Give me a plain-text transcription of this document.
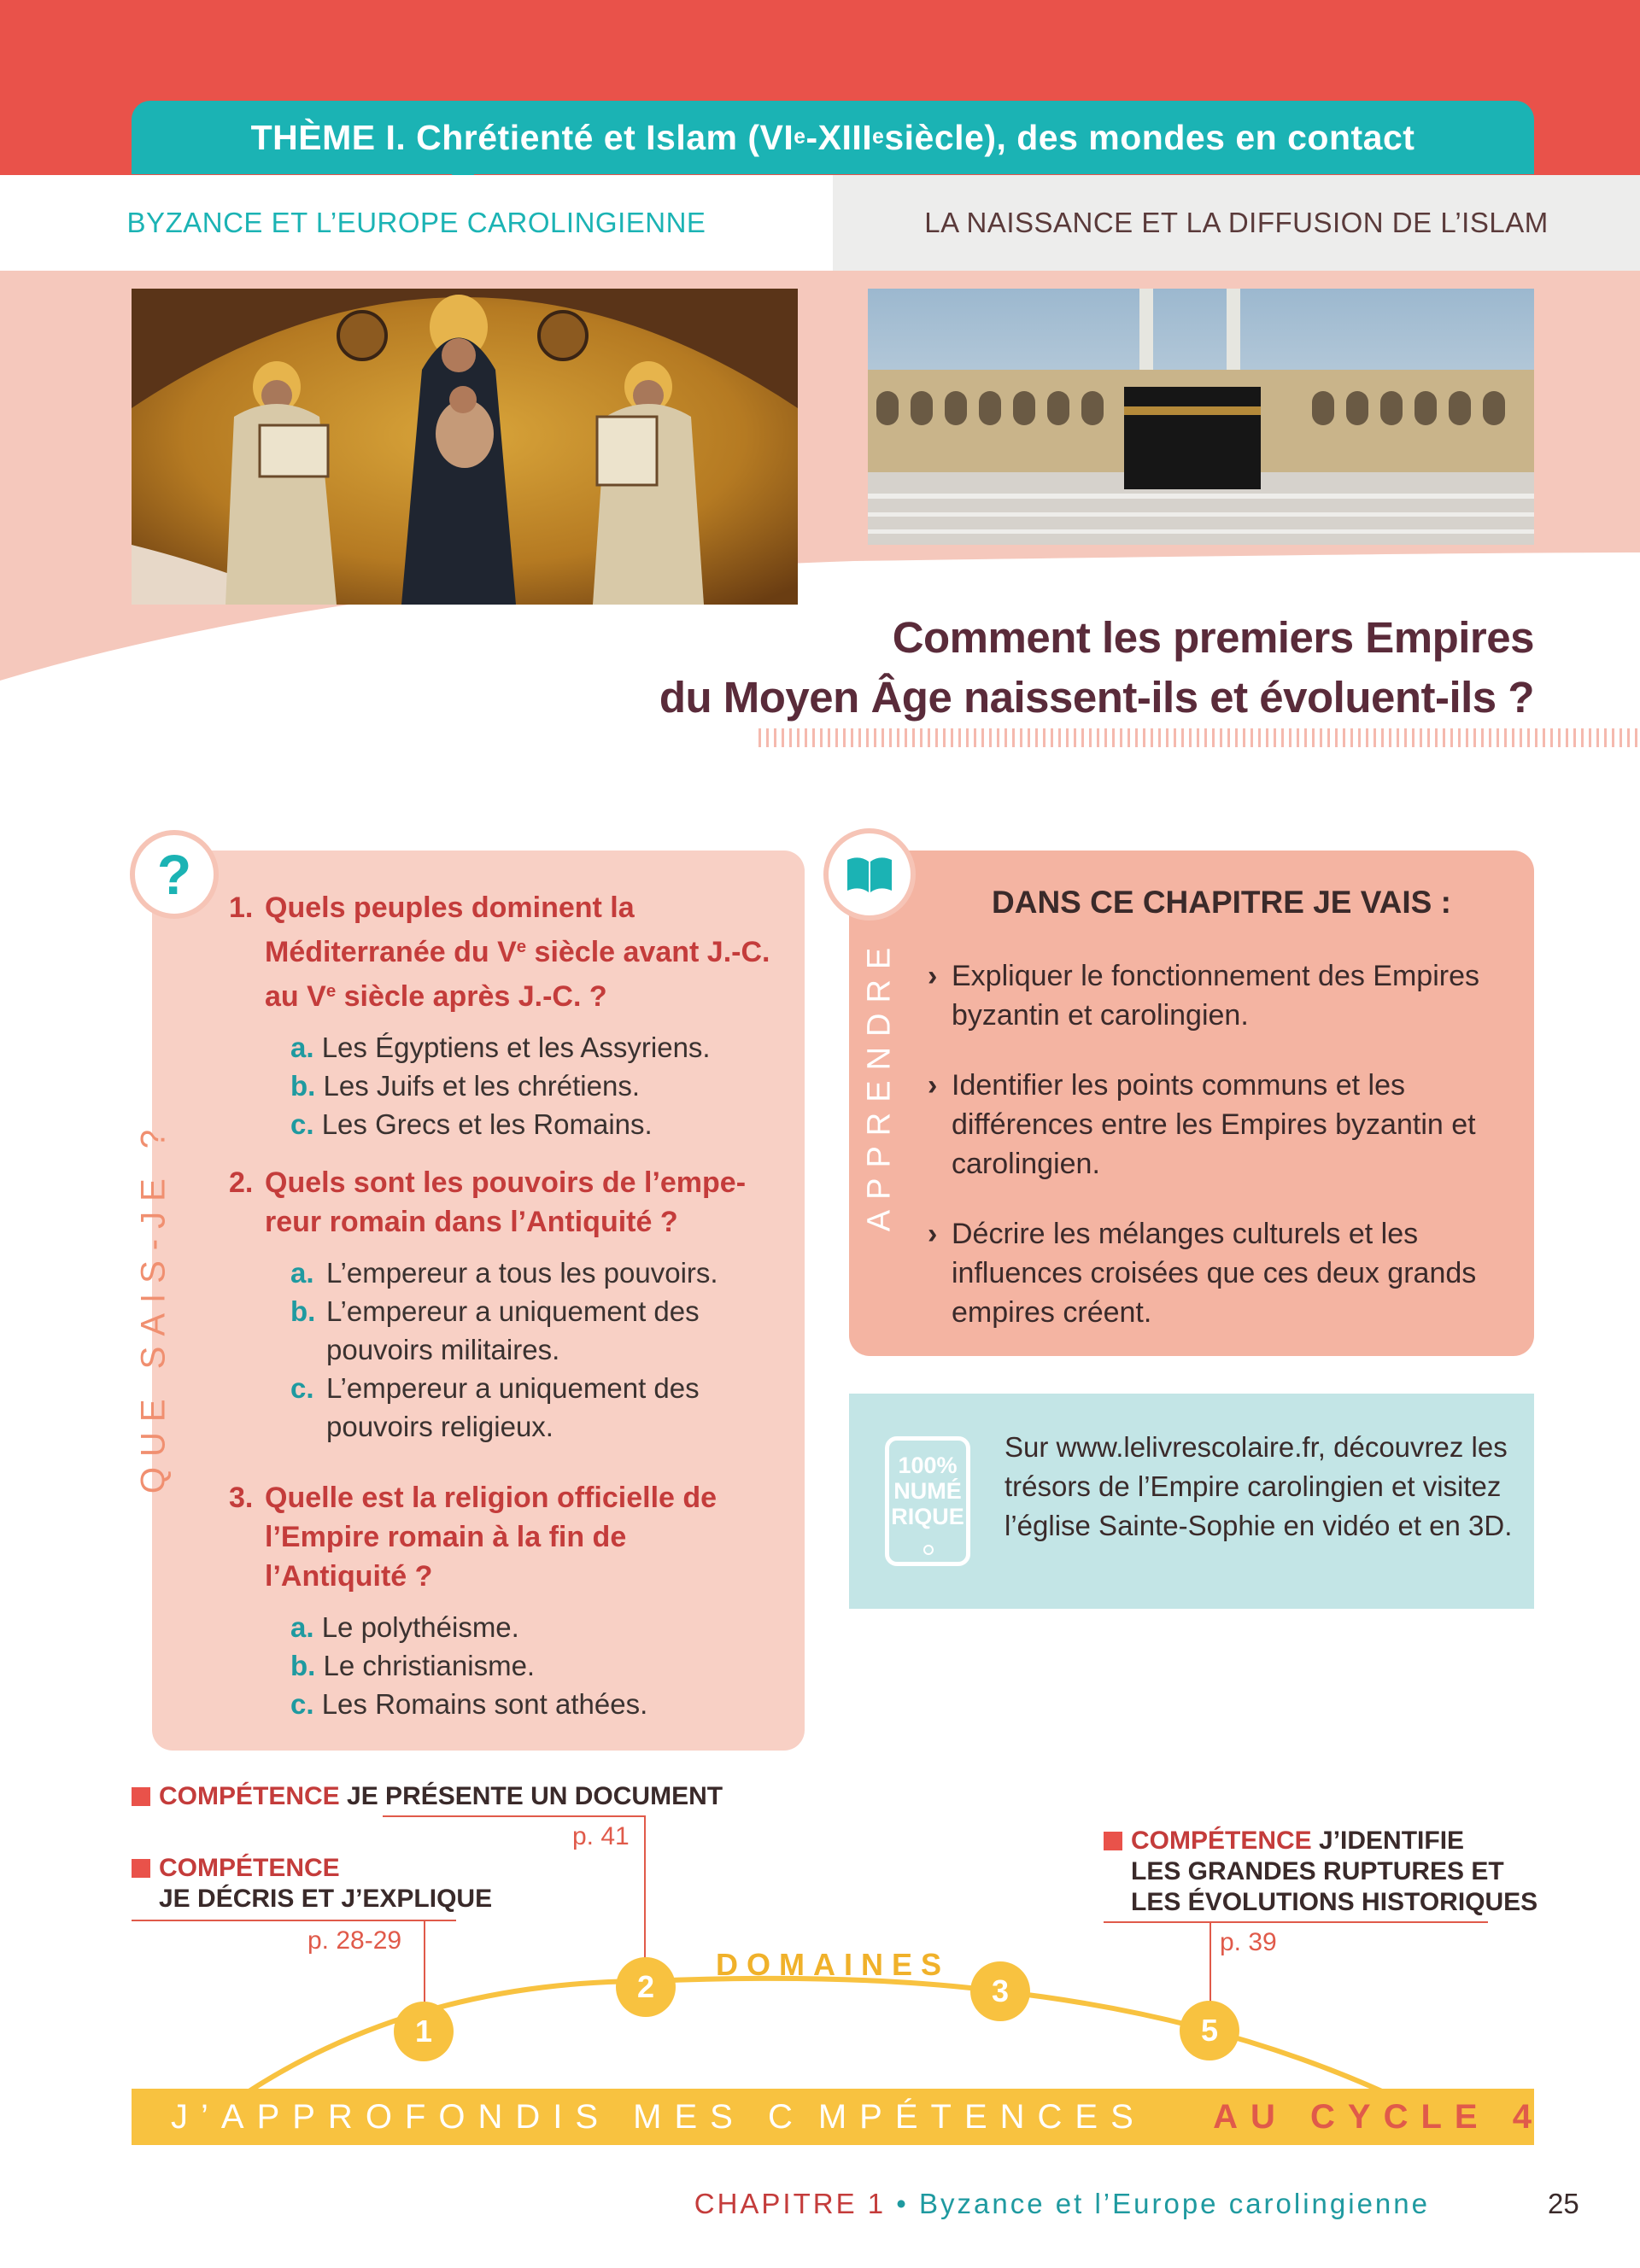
THÈME I. Chrétienté et Islam (VI e -XIII e siècle), des mondes en contact
BYZANCE ET L’EUROPE CAROLINGIENNE	LA NAISSANCE ET LA DIFFUSION DE L’ISLAM
Comment les premiers Empires
du Moyen Âge naissent-ils et évoluent-ils ?
?
QUE SAIS-JE ?
1. Quels peuples dominent la Méditerranée du Ve siècle avant J.-C. au Ve siècle après J.-C. ?
a. Les Égyptiens et les Assyriens.
b. Les Juifs et les chrétiens.
c. Les Grecs et les Romains.
2. Quels sont les pouvoirs de l’empe-reur romain dans l’Antiquité ?
a. L’empereur a tous les pouvoirs.
b. L’empereur a uniquement des pouvoirs militaires.
c. L’empereur a uniquement des pouvoirs religieux.
3. Quelle est la religion officielle de l’Empire romain à la fin de l’Antiquité ?
a. Le polythéisme.
b. Le christianisme.
c. Les Romains sont athées.
APPRENDRE
DANS CE CHAPITRE JE VAIS :
› Expliquer le fonctionnement des Empires byzantin et carolingien.
› Identifier les points communs et les différences entre les Empires byzantin et carolingien.
› Décrire les mélanges culturels et les influences croisées que ces deux grands empires créent.
100%
NUMÉ
RIQUE
Sur www.lelivrescolaire.fr, découvrez les trésors de l’Empire carolingien et visitez l’église Sainte-Sophie en vidéo et en 3D.
COMPÉTENCE JE PRÉSENTE UN DOCUMENT
p. 41
COMPÉTENCE
JE DÉCRIS ET J’EXPLIQUE
p. 28-29
COMPÉTENCE J’IDENTIFIE
LES GRANDES RUPTURES ET
LES ÉVOLUTIONS HISTORIQUES
p. 39
DOMAINES
1
2	3
5
J’APPROFONDIS MES C MPÉTENCES
AU CYCLE 4
CHAPITRE 1 • Byzance et l’Europe carolingienne	25
